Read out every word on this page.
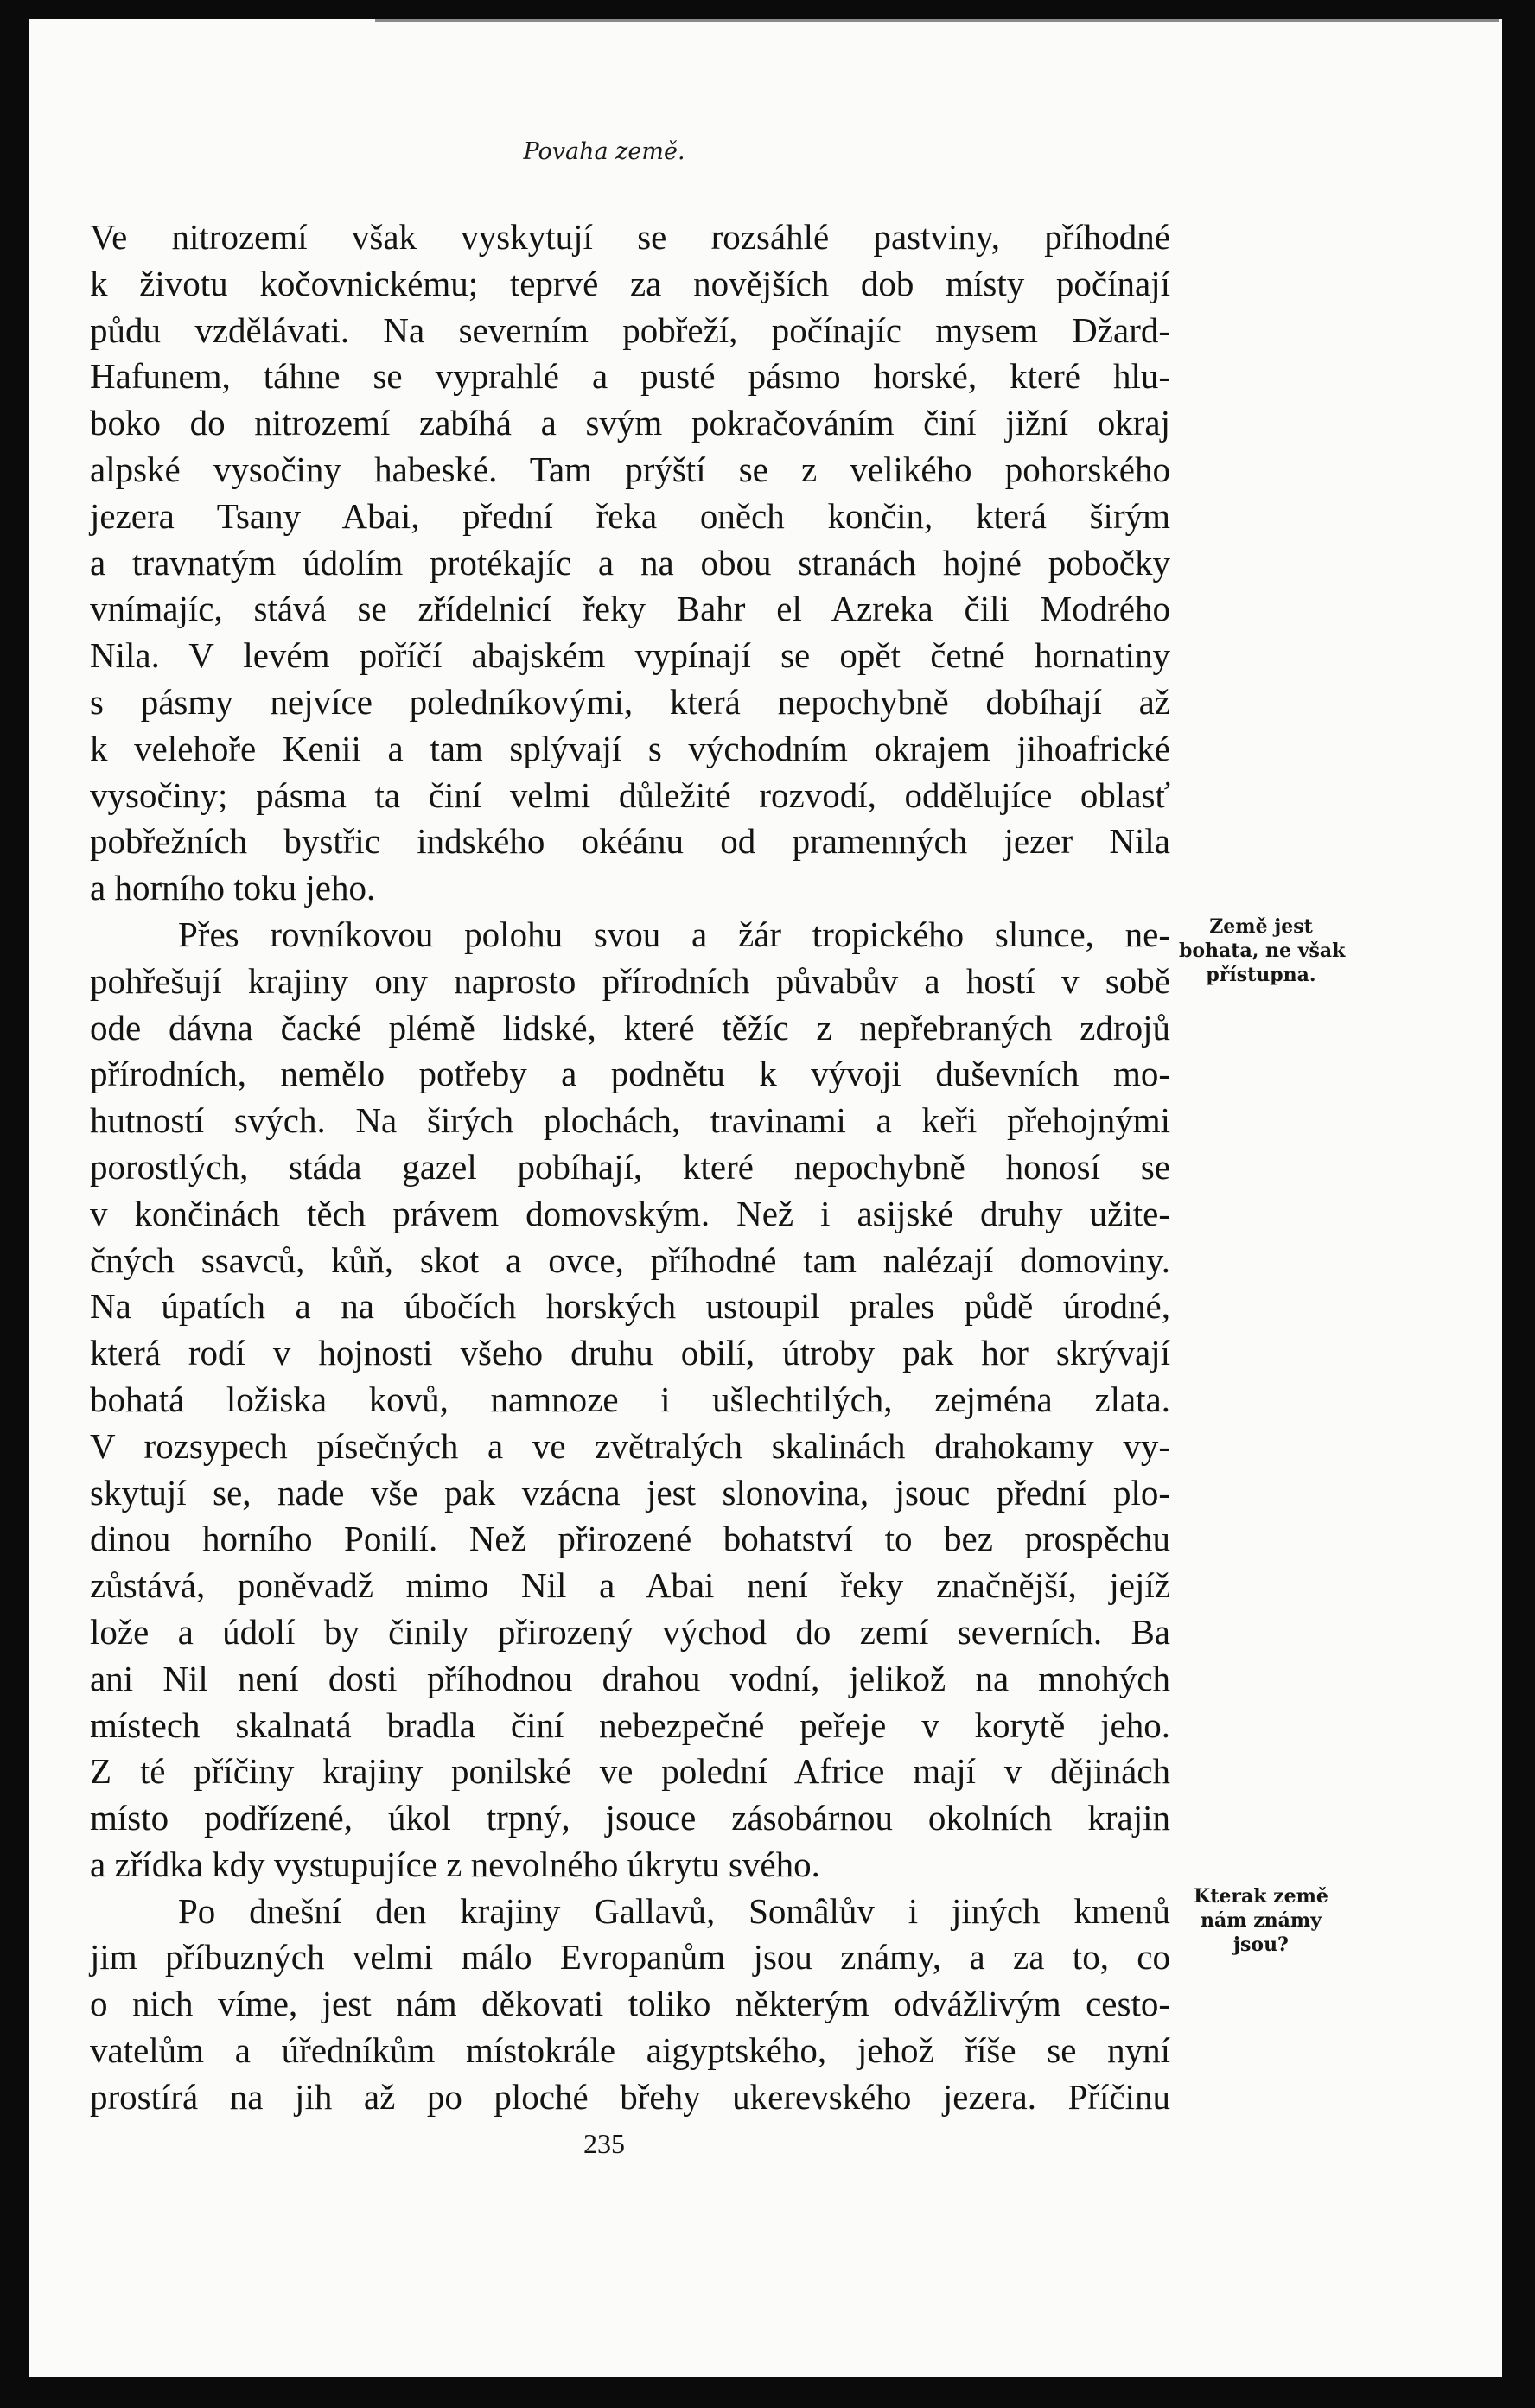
Povaha země.
Ve nitrozemí však vyskytují se rozsáhlé pastviny, příhodné
k životu kočovnickému; teprvé za novějších dob místy počínají
půdu vzdělávati. Na severním pobřeží, počínajíc mysem Džard-
Hafunem, táhne se vyprahlé a pusté pásmo horské, které hlu-
boko do nitrozemí zabíhá a svým pokračováním činí jižní okraj
alpské vysočiny habeské. Tam prýští se z velikého pohorského
jezera Tsany Abai, přední řeka oněch končin, která širým
a travnatým údolím protékajíc a na obou stranách hojné pobočky
vnímajíc, stává se zřídelnicí řeky Bahr el Azreka čili Modrého
Nila. V levém poříčí abajském vypínají se opět četné hornatiny
s pásmy nejvíce poledníkovými, která nepochybně dobíhají až
k velehoře Kenii a tam splývají s východním okrajem jihoafrické
vysočiny; pásma ta činí velmi důležité rozvodí, oddělujíce oblasť
pobřežních bystřic indského okéánu od pramenných jezer Nila
a horního toku jeho.
Přes rovníkovou polohu svou a žár tropického slunce, ne-
pohřešují krajiny ony naprosto přírodních půvabův a hostí v sobě
ode dávna čacké plémě lidské, které těžíc z nepřebraných zdrojů
přírodních, nemělo potřeby a podnětu k vývoji duševních mo-
hutností svých. Na širých plochách, travinami a keři přehojnými
porostlých, stáda gazel pobíhají, které nepochybně honosí se
v končinách těch právem domovským. Než i asijské druhy užite-
čných ssavců, kůň, skot a ovce, příhodné tam nalézají domoviny.
Na úpatích a na úbočích horských ustoupil prales půdě úrodné,
která rodí v hojnosti všeho druhu obilí, útroby pak hor skrývají
bohatá ložiska kovů, namnoze i ušlechtilých, zejména zlata.
V rozsypech písečných a ve zvětralých skalinách drahokamy vy-
skytují se, nade vše pak vzácna jest slonovina, jsouc přední plo-
dinou horního Ponilí. Než přirozené bohatství to bez prospěchu
zůstává, poněvadž mimo Nil a Abai není řeky značnější, jejíž
lože a údolí by činily přirozený východ do zemí severních. Ba
ani Nil není dosti příhodnou drahou vodní, jelikož na mnohých
místech skalnatá bradla činí nebezpečné peřeje v korytě jeho.
Z té příčiny krajiny ponilské ve polední Africe mají v dějinách
místo podřízené, úkol trpný, jsouce zásobárnou okolních krajin
a zřídka kdy vystupujíce z nevolného úkrytu svého.
Po dnešní den krajiny Gallavů, Somâlův i jiných kmenů
jim příbuzných velmi málo Evropanům jsou známy, a za to, co
o nich víme, jest nám děkovati toliko některým odvážlivým cesto-
vatelům a úředníkům místokrále aigyptského, jehož říše se nyní
prostírá na jih až po ploché břehy ukerevského jezera. Příčinu
Země jest
bohata, ne však
přístupna.
Kterak země
nám známy
jsou?
235
